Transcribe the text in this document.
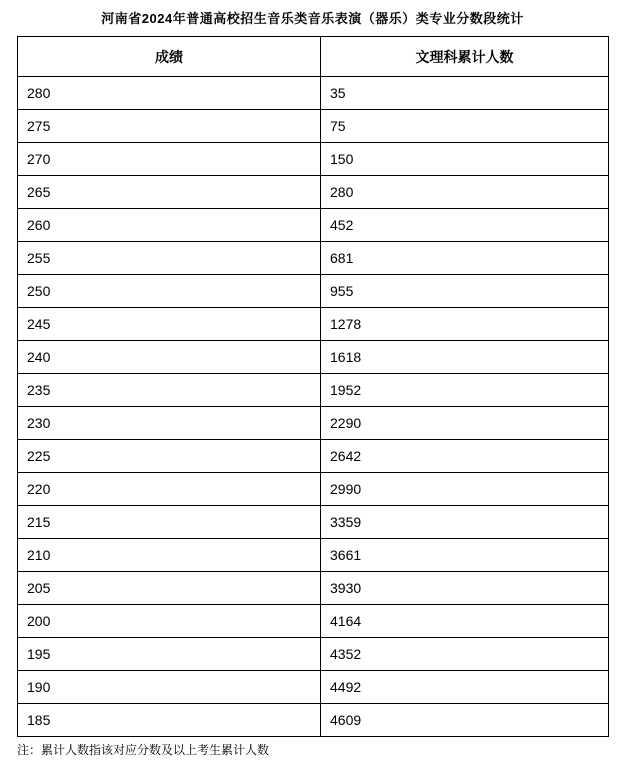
河南省2024年普通高校招生音乐类音乐表演（器乐）类专业分数段统计
成绩	文理科累计人数
280	35
275	75
270	150
265	280
260	452
255	681
250	955
245	1278
240	1618
235	1952
230	2290
225	2642
220	2990
215	3359
210	3661
205	3930
200	4164
195	4352
190	4492
185	4609
注：累计人数指该对应分数及以上考生累计人数
